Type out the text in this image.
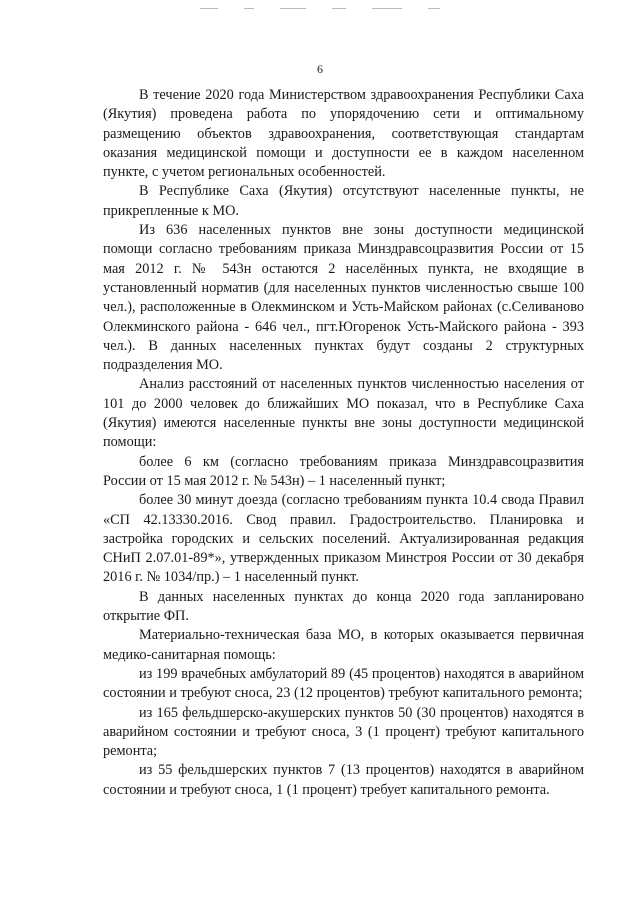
6

В течение 2020 года Министерством здравоохранения Республики Саха (Якутия) проведена работа по упорядочению сети и оптимальному размещению объектов здравоохранения, соответствующая стандартам оказания медицинской помощи и доступности ее в каждом населенном пункте, с учетом региональных особенностей.

В Республике Саха (Якутия) отсутствуют населенные пункты, не прикрепленные к МО.

Из 636 населенных пунктов вне зоны доступности медицинской помощи согласно требованиям приказа Минздравсоцразвития России от 15 мая 2012 г. № 543н остаются 2 населённых пункта, не входящие в установленный норматив (для населенных пунктов численностью свыше 100 чел.), расположенные в Олекминском и Усть-Майском районах (с.Селиваново Олекминского района - 646 чел., пгт.Югоренок Усть-Майского района - 393 чел.). В данных населенных пунктах будут созданы 2 структурных подразделения МО.

Анализ расстояний от населенных пунктов численностью населения от 101 до 2000 человек до ближайших МО показал, что в Республике Саха (Якутия) имеются населенные пункты вне зоны доступности медицинской помощи:

более 6 км (согласно требованиям приказа Минздравсоцразвития России от 15 мая 2012 г. № 543н) – 1 населенный пункт;

более 30 минут доезда (согласно требованиям пункта 10.4 свода Правил «СП 42.13330.2016. Свод правил. Градостроительство. Планировка и застройка городских и сельских поселений. Актуализированная редакция СНиП 2.07.01-89*», утвержденных приказом Минстроя России от 30 декабря 2016 г. № 1034/пр.) – 1 населенный пункт.

В данных населенных пунктах до конца 2020 года запланировано открытие ФП.

Материально-техническая база МО, в которых оказывается первичная медико-санитарная помощь:

из 199 врачебных амбулаторий 89 (45 процентов) находятся в аварийном состоянии и требуют сноса, 23 (12 процентов) требуют капитального ремонта;

из 165 фельдшерско-акушерских пунктов 50 (30 процентов) находятся в аварийном состоянии и требуют сноса, 3 (1 процент) требуют капитального ремонта;

из 55 фельдшерских пунктов 7 (13 процентов) находятся в аварийном состоянии и требуют сноса, 1 (1 процент) требует капитального ремонта.
